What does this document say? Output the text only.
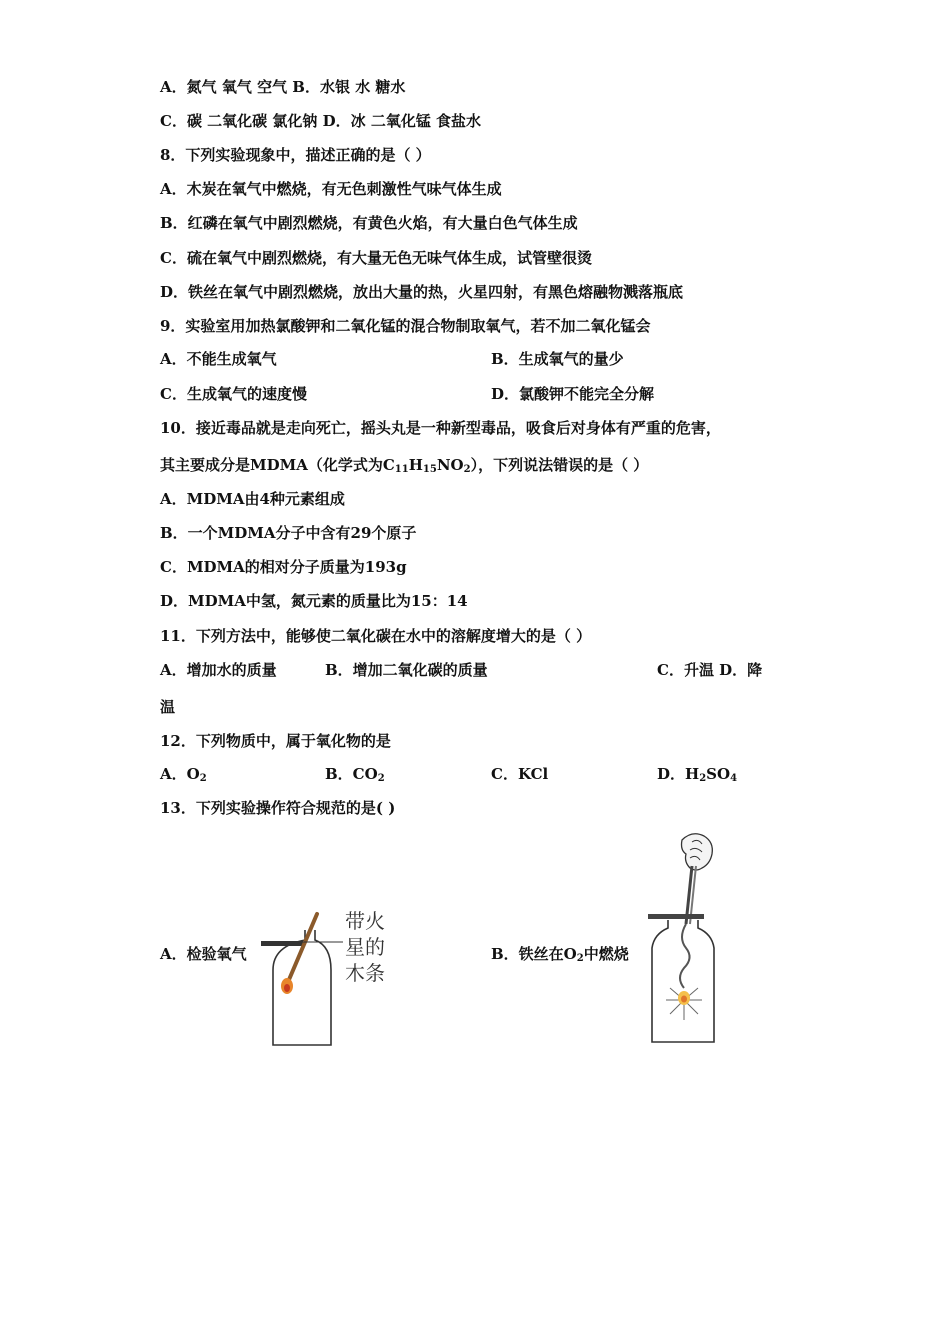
A．氮气 氧气 空气 B．水银 水 糖水
C．碳 二氧化碳 氯化钠 D．冰 二氧化锰 食盐水
8．下列实验现象中，描述正确的是（ ）
A．木炭在氧气中燃烧，有无色刺激性气味气体生成
B．红磷在氧气中剧烈燃烧，有黄色火焰，有大量白色气体生成
C．硫在氧气中剧烈燃烧，有大量无色无味气体生成，试管壁很烫
D．铁丝在氧气中剧烈燃烧，放出大量的热，火星四射，有黑色熔融物溅落瓶底
9．实验室用加热氯酸钾和二氧化锰的混合物制取氧气，若不加二氧化锰会
A．不能生成氧气	B．生成氧气的量少
C．生成氧气的速度慢	D．氯酸钾不能完全分解
10．接近毒品就是走向死亡，摇头丸是一种新型毒品，吸食后对身体有严重的危害，
其主要成分是MDMA（化学式为$C_{11}H_{15}NO_2$），下列说法错误的是（ ）
A．MDMA由4种元素组成
B．一个MDMA分子中含有29个原子
C．MDMA的相对分子质量为193g
D．MDMA中氢，氮元素的质量比为15：14
11．下列方法中，能够使二氧化碳在水中的溶解度增大的是（ ）
A．增加水的质量	B．增加二氧化碳的质量	C．升温 D．降
温
12．下列物质中，属于氧化物的是
A．$O_2$	B．$CO_2$	C．KCl	D．$H_2SO_4$
13．下列实验操作符合规范的是( )
A．检验氧气	B．铁丝在$O_2$中燃烧
带火
星的
木条
